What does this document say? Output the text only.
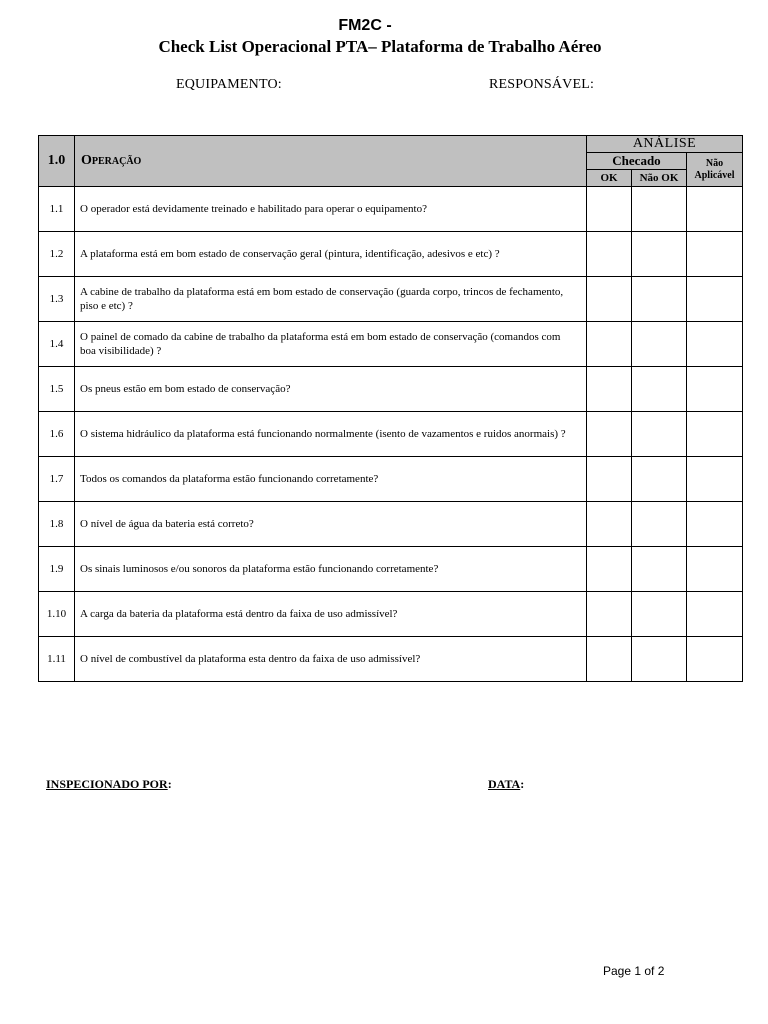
FM2C -
Check List Operacional PTA– Plataforma de Trabalho Aéreo
EQUIPAMENTO:	RESPONSÁVEL:
1.0	Operação	ANÁLISE		
		Checado		Não Aplicável
		OK	Não OK	
1.1	O operador está devidamente treinado e habilitado para operar o equipamento?			
1.2	A plataforma está em bom estado de conservação geral (pintura, identificação, adesivos e etc) ?			
1.3	A cabine de trabalho da plataforma está em bom estado de conservação (guarda corpo, trincos de fechamento, piso e etc) ?			
1.4	O painel de comado da cabine de trabalho da plataforma está em bom estado de conservação (comandos com boa visibilidade) ?			
1.5	Os pneus estão em bom estado de conservação?			
1.6	O sistema hidráulico da plataforma está funcionando normalmente (isento de vazamentos e ruidos anormais) ?			
1.7	Todos os comandos da plataforma estão funcionando corretamente?			
1.8	O nível de água da bateria está correto?			
1.9	Os sinais luminosos e/ou sonoros da plataforma estão funcionando corretamente?			
1.10	A carga da bateria da plataforma está dentro da faixa de uso admissível?			
1.11	O nível de combustível da plataforma esta dentro da faixa de uso admissível?			
INSPECIONADO POR:	DATA:
Page 1 of 2
